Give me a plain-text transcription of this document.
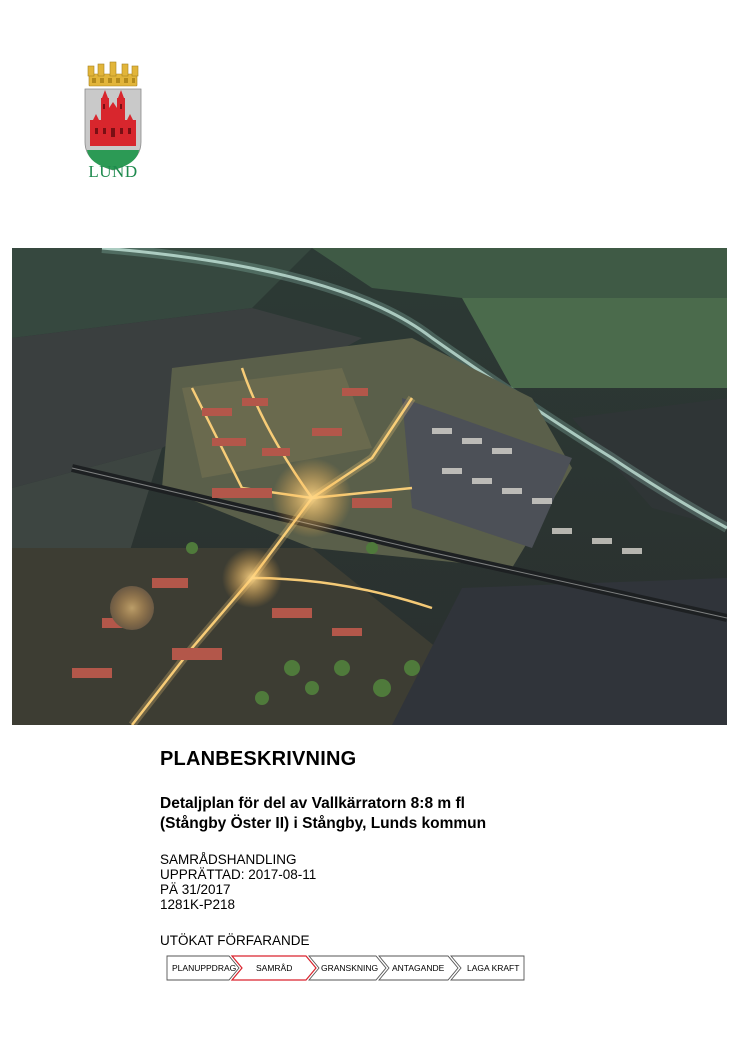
LUND
PLANBESKRIVNING
Detaljplan för del av Vallkärratorn 8:8 m fl
(Stångby Öster II) i Stångby, Lunds kommun
SAMRÅDSHANDLING
UPPRÄTTAD: 2017-08-11
PÄ 31/2017
1281K-P218
UTÖKAT FÖRFARANDE
PLANUPPDRAG SAMRÅD	GRANSKNING ANTAGANDE	LAGA KRAFT
